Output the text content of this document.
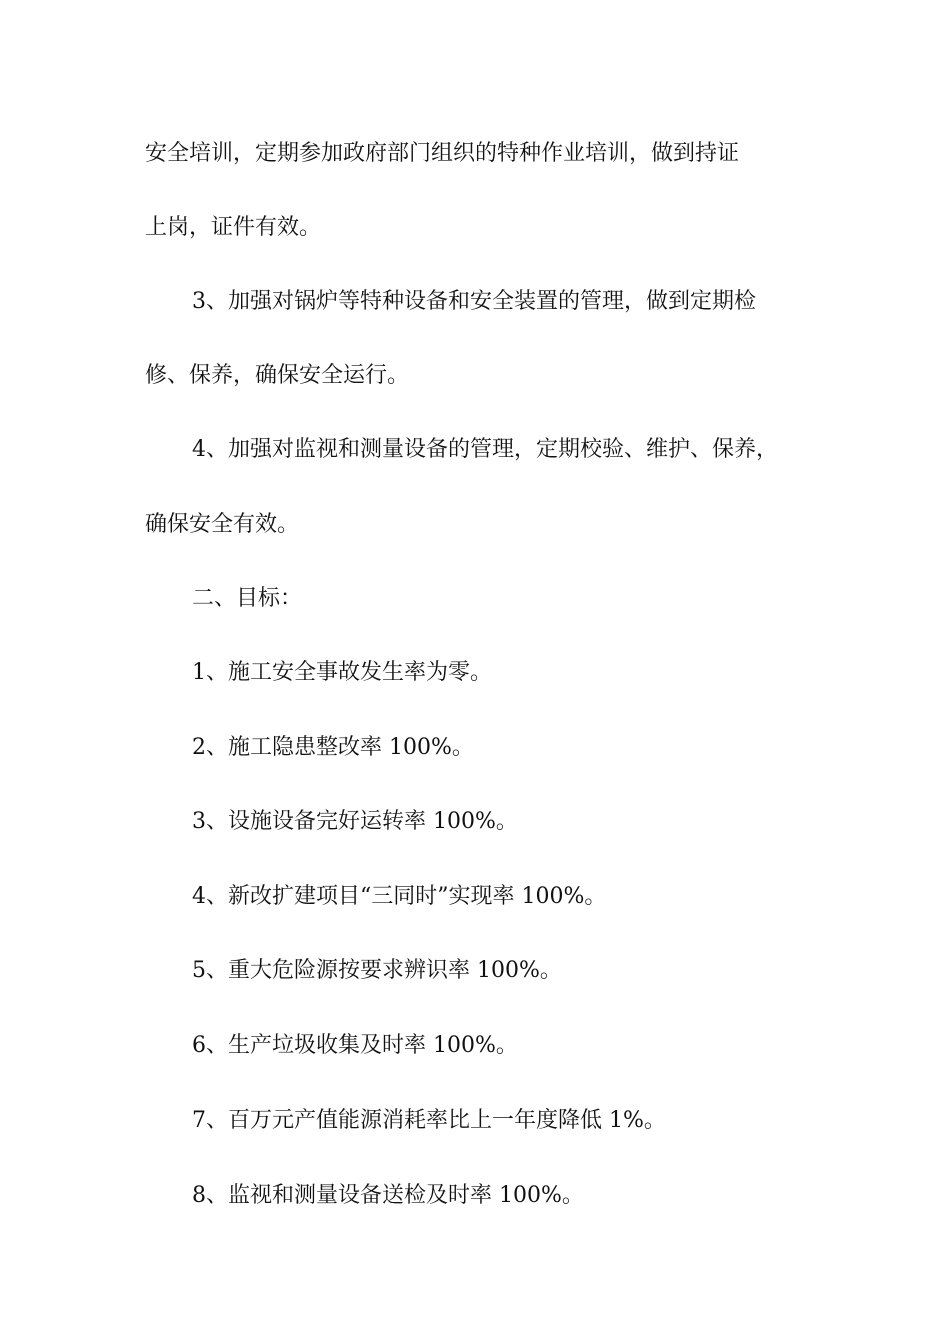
安全培训，定期参加政府部门组织的特种作业培训，做到持证
上岗，证件有效。
3、加强对锅炉等特种设备和安全装置的管理，做到定期检
修、保养，确保安全运行。
4、加强对监视和测量设备的管理，定期校验、维护、保养，
确保安全有效。
二、目标：
1、施工安全事故发生率为零。
2、施工隐患整改率 100%。
3、设施设备完好运转率 100%。
4、新改扩建项目“三同时”实现率 100%。
5、重大危险源按要求辨识率 100%。
6、生产垃圾收集及时率 100%。
7、百万元产值能源消耗率比上一年度降低 1%。
8、监视和测量设备送检及时率 100%。
